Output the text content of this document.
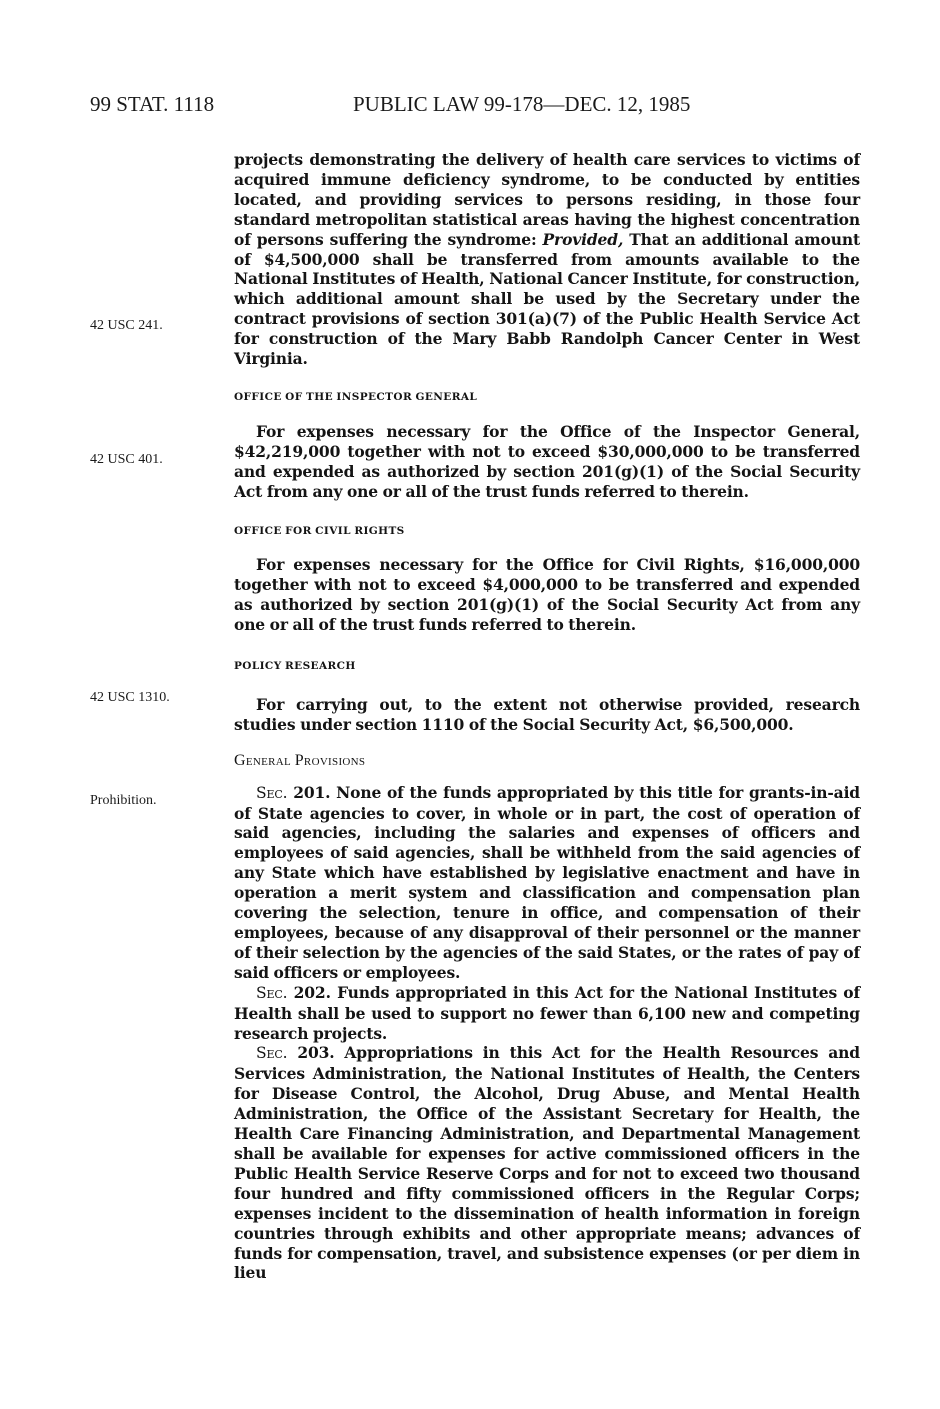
99 STAT. 1118	PUBLIC LAW 99-178—DEC. 12, 1985
42 USC 241.
42 USC 401.
42 USC 1310.
Prohibition.

projects demonstrating the delivery of health care services to victims of acquired immune deficiency syndrome, to be conducted by entities located, and providing services to persons residing, in those four standard metropolitan statistical areas having the highest concentration of persons suffering the syndrome: Provided, That an additional amount of $4,500,000 shall be transferred from amounts available to the National Institutes of Health, National Cancer Institute, for construction, which additional amount shall be used by the Secretary under the contract provisions of section 301(a)(7) of the Public Health Service Act for construction of the Mary Babb Randolph Cancer Center in West Virginia.

OFFICE OF THE INSPECTOR GENERAL

For expenses necessary for the Office of the Inspector General, $42,219,000 together with not to exceed $30,000,000 to be transferred and expended as authorized by section 201(g)(1) of the Social Security Act from any one or all of the trust funds referred to therein.

OFFICE FOR CIVIL RIGHTS

For expenses necessary for the Office for Civil Rights, $16,000,000 together with not to exceed $4,000,000 to be transferred and expended as authorized by section 201(g)(1) of the Social Security Act from any one or all of the trust funds referred to therein.

POLICY RESEARCH

For carrying out, to the extent not otherwise provided, research studies under section 1110 of the Social Security Act, $6,500,000.

General Provisions

Sec. 201. None of the funds appropriated by this title for grants-in-aid of State agencies to cover, in whole or in part, the cost of operation of said agencies, including the salaries and expenses of officers and employees of said agencies, shall be withheld from the said agencies of any State which have established by legislative enactment and have in operation a merit system and classification and compensation plan covering the selection, tenure in office, and compensation of their employees, because of any disapproval of their personnel or the manner of their selection by the agencies of the said States, or the rates of pay of said officers or employees.

Sec. 202. Funds appropriated in this Act for the National Institutes of Health shall be used to support no fewer than 6,100 new and competing research projects.

Sec. 203. Appropriations in this Act for the Health Resources and Services Administration, the National Institutes of Health, the Centers for Disease Control, the Alcohol, Drug Abuse, and Mental Health Administration, the Office of the Assistant Secretary for Health, the Health Care Financing Administration, and Departmental Management shall be available for expenses for active commissioned officers in the Public Health Service Reserve Corps and for not to exceed two thousand four hundred and fifty commissioned officers in the Regular Corps; expenses incident to the dissemination of health information in foreign countries through exhibits and other appropriate means; advances of funds for compensation, travel, and subsistence expenses (or per diem in lieu
